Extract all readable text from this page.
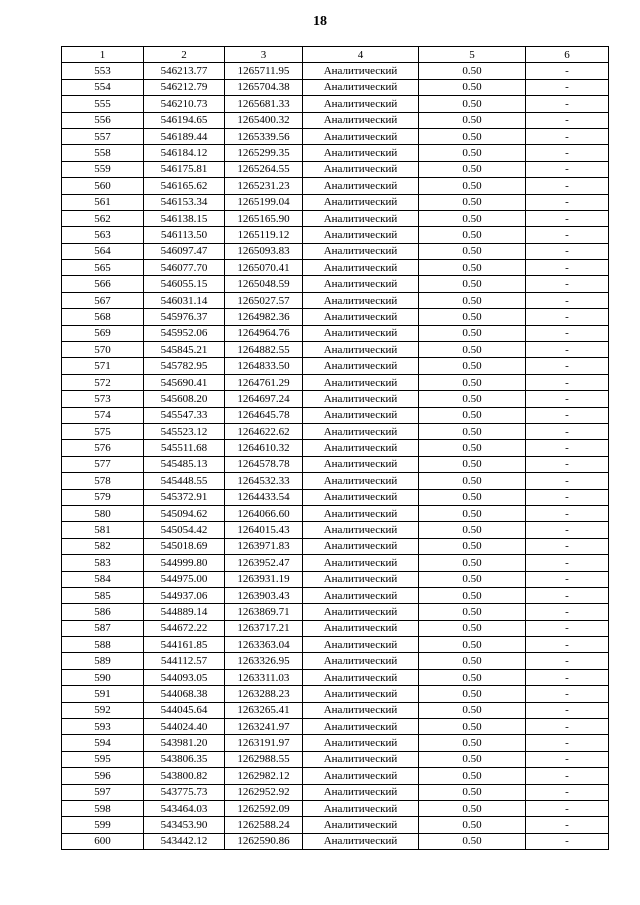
18
1	2	3	4	5	6
553	546213.77	1265711.95	Аналитический	0.50	-
554	546212.79	1265704.38	Аналитический	0.50	-
555	546210.73	1265681.33	Аналитический	0.50	-
556	546194.65	1265400.32	Аналитический	0.50	-
557	546189.44	1265339.56	Аналитический	0.50	-
558	546184.12	1265299.35	Аналитический	0.50	-
559	546175.81	1265264.55	Аналитический	0.50	-
560	546165.62	1265231.23	Аналитический	0.50	-
561	546153.34	1265199.04	Аналитический	0.50	-
562	546138.15	1265165.90	Аналитический	0.50	-
563	546113.50	1265119.12	Аналитический	0.50	-
564	546097.47	1265093.83	Аналитический	0.50	-
565	546077.70	1265070.41	Аналитический	0.50	-
566	546055.15	1265048.59	Аналитический	0.50	-
567	546031.14	1265027.57	Аналитический	0.50	-
568	545976.37	1264982.36	Аналитический	0.50	-
569	545952.06	1264964.76	Аналитический	0.50	-
570	545845.21	1264882.55	Аналитический	0.50	-
571	545782.95	1264833.50	Аналитический	0.50	-
572	545690.41	1264761.29	Аналитический	0.50	-
573	545608.20	1264697.24	Аналитический	0.50	-
574	545547.33	1264645.78	Аналитический	0.50	-
575	545523.12	1264622.62	Аналитический	0.50	-
576	545511.68	1264610.32	Аналитический	0.50	-
577	545485.13	1264578.78	Аналитический	0.50	-
578	545448.55	1264532.33	Аналитический	0.50	-
579	545372.91	1264433.54	Аналитический	0.50	-
580	545094.62	1264066.60	Аналитический	0.50	-
581	545054.42	1264015.43	Аналитический	0.50	-
582	545018.69	1263971.83	Аналитический	0.50	-
583	544999.80	1263952.47	Аналитический	0.50	-
584	544975.00	1263931.19	Аналитический	0.50	-
585	544937.06	1263903.43	Аналитический	0.50	-
586	544889.14	1263869.71	Аналитический	0.50	-
587	544672.22	1263717.21	Аналитический	0.50	-
588	544161.85	1263363.04	Аналитический	0.50	-
589	544112.57	1263326.95	Аналитический	0.50	-
590	544093.05	1263311.03	Аналитический	0.50	-
591	544068.38	1263288.23	Аналитический	0.50	-
592	544045.64	1263265.41	Аналитический	0.50	-
593	544024.40	1263241.97	Аналитический	0.50	-
594	543981.20	1263191.97	Аналитический	0.50	-
595	543806.35	1262988.55	Аналитический	0.50	-
596	543800.82	1262982.12	Аналитический	0.50	-
597	543775.73	1262952.92	Аналитический	0.50	-
598	543464.03	1262592.09	Аналитический	0.50	-
599	543453.90	1262588.24	Аналитический	0.50	-
600	543442.12	1262590.86	Аналитический	0.50	-
